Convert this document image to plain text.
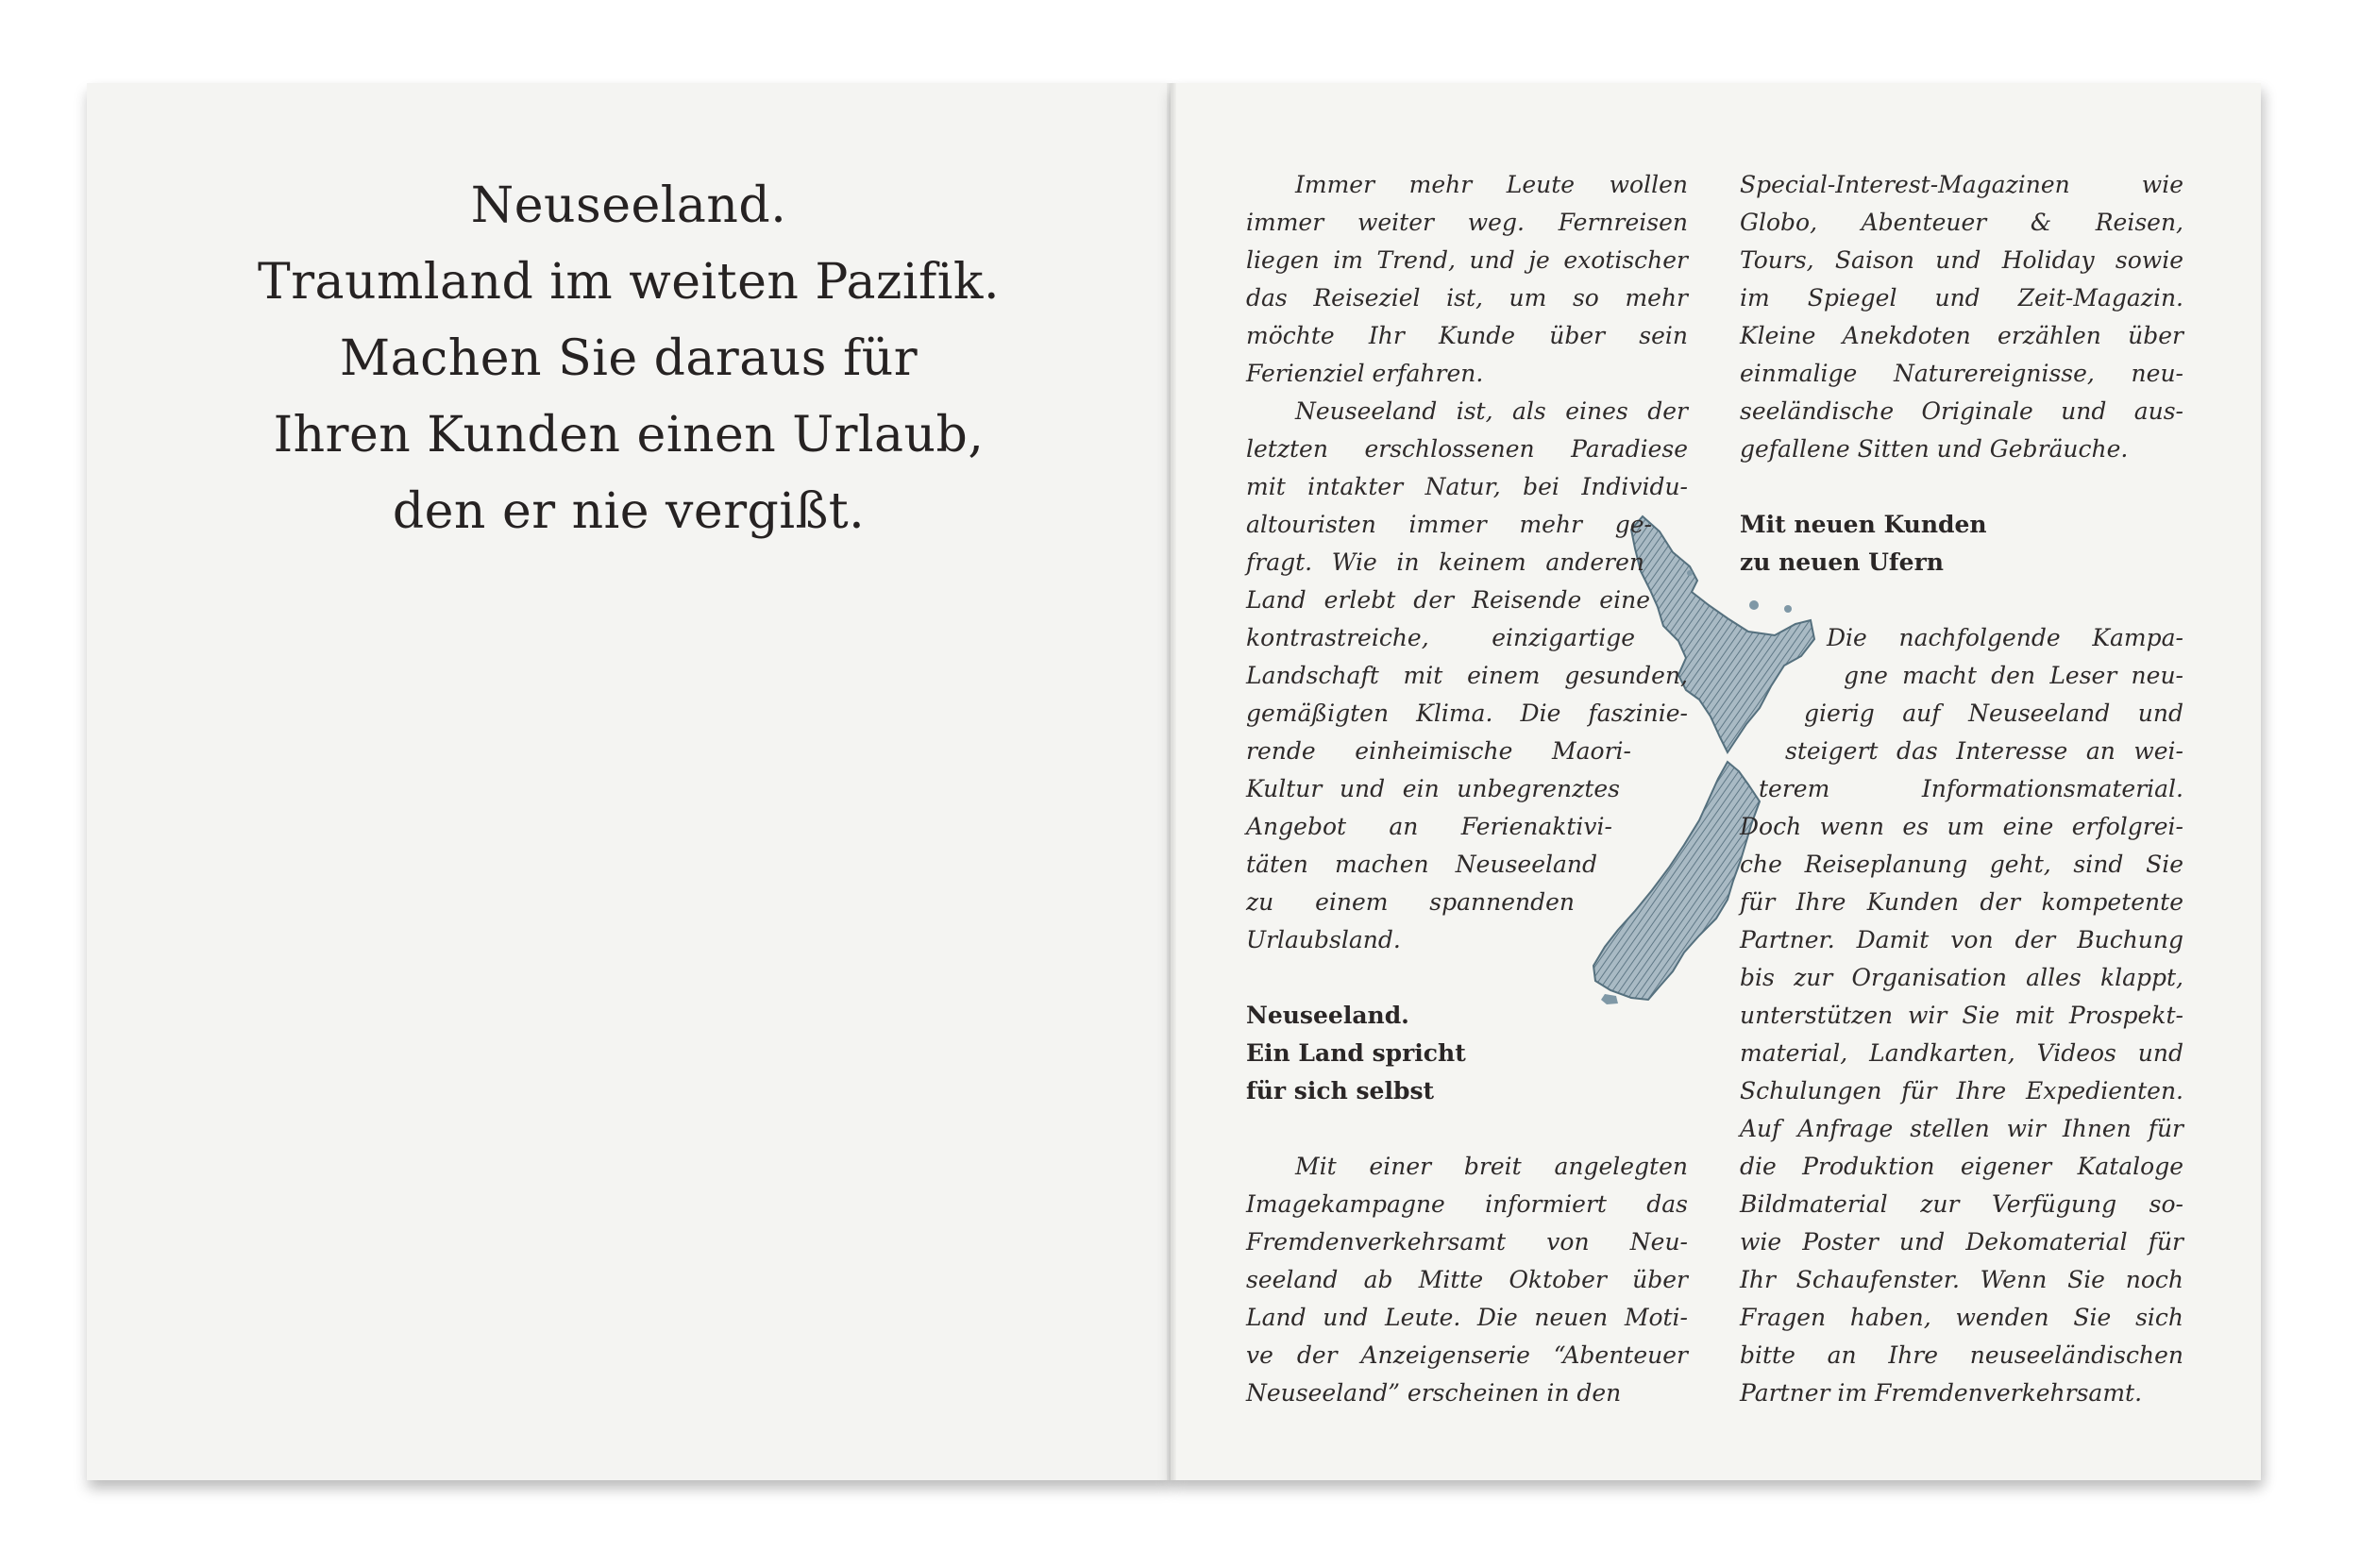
Neuseeland.
Traumland im weiten Pazifik.
Machen Sie daraus für
Ihren Kunden einen Urlaub,
den er nie vergißt.

Immer mehr Leute wollen
immer weiter weg. Fernreisen
liegen im Trend, und je exotischer
das Reiseziel ist, um so mehr
möchte Ihr Kunde über sein
Ferienziel erfahren.

Neuseeland ist, als eines der
letzten erschlossenen Paradiese
mit intakter Natur, bei Individu-
altouristen immer mehr ge-
fragt. Wie in keinem anderen
Land erlebt der Reisende eine
kontrastreiche, einzigartige
Landschaft mit einem gesunden,
gemäßigten Klima. Die faszinie-
rende einheimische Maori-
Kultur und ein unbegrenztes
Angebot an Ferienaktivi-
täten machen Neuseeland
zu einem spannenden
Urlaubsland.

Neuseeland.
Ein Land spricht
für sich selbst

Mit einer breit angelegten
Imagekampagne informiert das
Fremdenverkehrsamt von Neu-
seeland ab Mitte Oktober über
Land und Leute. Die neuen Moti-
ve der Anzeigenserie “Abenteuer
Neuseeland” erscheinen in den

Special-Interest-Magazinen wie
Globo, Abenteuer & Reisen,
Tours, Saison und Holiday sowie
im Spiegel und Zeit-Magazin.
Kleine Anekdoten erzählen über
einmalige Naturereignisse, neu-
seeländische Originale und aus-
gefallene Sitten und Gebräuche.

Mit neuen Kunden
zu neuen Ufern

Die nachfolgende Kampa-
gne macht den Leser neu-
gierig auf Neuseeland und
steigert das Interesse an wei-
terem Informationsmaterial.
Doch wenn es um eine erfolgrei-
che Reiseplanung geht, sind Sie
für Ihre Kunden der kompetente
Partner. Damit von der Buchung
bis zur Organisation alles klappt,
unterstützen wir Sie mit Prospekt-
material, Landkarten, Videos und
Schulungen für Ihre Expedienten.
Auf Anfrage stellen wir Ihnen für
die Produktion eigener Kataloge
Bildmaterial zur Verfügung so-
wie Poster und Dekomaterial für
Ihr Schaufenster. Wenn Sie noch
Fragen haben, wenden Sie sich
bitte an Ihre neuseeländischen
Partner im Fremdenverkehrsamt.
